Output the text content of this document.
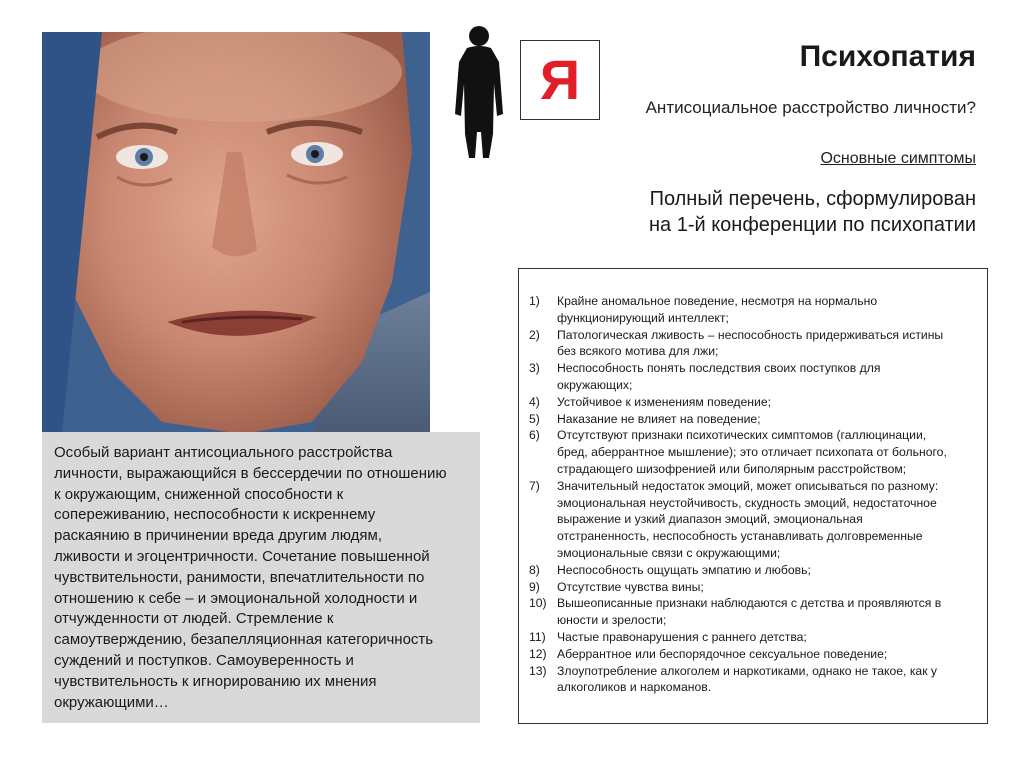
Я	Психопатия
Антисоциальное расстройство личности?
Основные симптомы
Полный перечень, сформулирован
на 1-й конференции по психопатии
Особый вариант антисоциального расстройства
личности, выражающийся в бессердечии по отношению
к окружающим, сниженной способности к
сопереживанию, неспособности к искреннему
раскаянию в причинении вреда другим людям,
лживости и эгоцентричности. Сочетание повышенной
чувствительности, ранимости, впечатлительности по
отношению к себе – и эмоциональной холодности и
отчужденности от людей. Стремление к
самоутверждению, безапелляционная категоричность
суждений и поступков. Самоуверенность и
чувствительность к игнорированию их мнения
окружающими…
1)	Крайне аномальное поведение, несмотря на нормально
функционирующий интеллект;
2)	Патологическая лживость – неспособность придерживаться истины
без всякого мотива для лжи;
3)	Неспособность понять последствия своих поступков для
окружающих;
4)	Устойчивое к изменениям поведение;
5)	Наказание не влияет на поведение;
6)	Отсутствуют признаки психотических симптомов (галлюцинации,
бред, аберрантное мышление); это отличает психопата от больного,
страдающего шизофренией или биполярным расстройством;
7)	Значительный недостаток эмоций, может описываться по разному:
эмоциональная неустойчивость, скудность эмоций, недостаточное
выражение и узкий диапазон эмоций, эмоциональная
отстраненность, неспособность устанавливать долговременные
эмоциональные связи с окружающими;
8)	Неспособность ощущать эмпатию и любовь;
9)	Отсутствие чувства вины;
10) Вышеописанные признаки наблюдаются с детства и проявляются в
юности и зрелости;
11) Частые правонарушения с раннего детства;
12) Аберрантное или беспорядочное сексуальное поведение;
13) Злоупотребление алкоголем и наркотиками, однако не такое, как у
алкоголиков и наркоманов.
